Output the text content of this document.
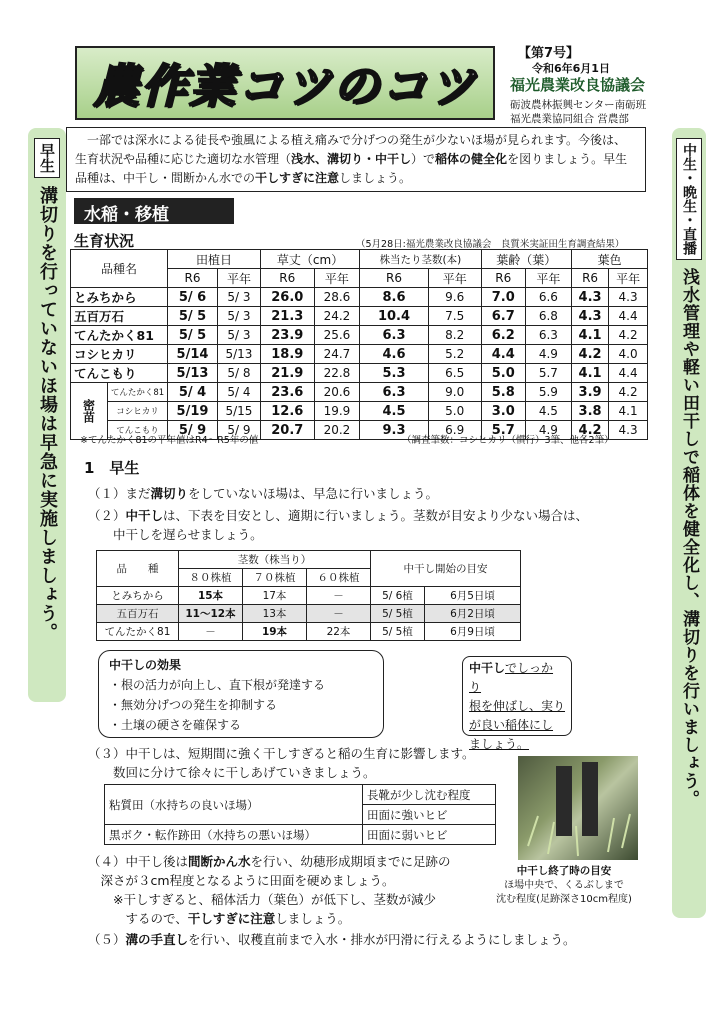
農作業コツのコツ
【第7号】
令和6年6月1日
福光農業改良協議会
砺波農林振興センター南砺班
福光農業協同組合 営農部
 一部では深水による徒長や強風による植え痛みで分げつの発生が少ないほ場が見られます。今後は、生育状況や品種に応じた適切な水管理（浅水、溝切り・中干し）で稲体の健全化を図りましょう。早生品種は、中干し・間断かん水での干しすぎに注意しましょう。
早生
溝切りを行っていないほ場は早急に実施しましょう。	中生・晩生・直播
浅水管理や軽い田干しで稲体を健全化し、溝切りを行いましょう。
水稲・移植
生育状況	（5月28日:福光農業改良協議会　良質米実証田生育調査結果）
品種名		田植日		草丈（cm）		株当たり茎数(本)		葉齢（葉）		葉色	
		R6	平年	R6	平年	R6	平年	R6	平年	R6	平年
とみちから		5/ 6	5/ 3	26.0	28.6	8.6	9.6	7.0	6.6	4.3	4.3
五百万石		5/ 5	5/ 3	21.3	24.2	10.4	7.5	6.7	6.8	4.3	4.4
てんたかく81		5/ 5	5/ 3	23.9	25.6	6.3	8.2	6.2	6.3	4.1	4.2
コシヒカリ		5/14	5/13	18.9	24.7	4.6	5.2	4.4	4.9	4.2	4.0
てんこもり		5/13	5/ 8	21.9	22.8	5.3	6.5	5.0	5.7	4.1	4.4
密苗	てんたかく81	5/ 4	5/ 4	23.6	20.6	6.3	9.0	5.8	5.9	3.9	4.2
	コシヒカリ	5/19	5/15	12.6	19.9	4.5	5.0	3.0	4.5	3.8	4.1
	てんこもり	5/ 9	5/ 9	20.7	20.2	9.3	6.9	5.7	4.9	4.2	4.3
※てんたかく81の平年値はR4〜R5年の値	（調査筆数：コシヒカリ（慣行）3筆、他各2筆）
1　早生
（１）まだ溝切りをしていないほ場は、早急に行いましょう。
（２）中干しは、下表を目安とし、適期に行いましょう。茎数が目安より少ない場合は、
  中干しを遅らせましょう。
品　　種	茎数（株当り）			中干し開始の目安	
	８０株植	７０株植	６０株植		
とみちから	15本	17本	－	5/ 6植	6月5日頃
五百万石	11〜12本	13本	－	5/ 5植	6月2日頃
てんたかく81	－	19本	22本	5/ 5植	6月9日頃
中干しの効果
・根の活力が向上し、直下根が発達する
・無効分げつの発生を抑制する
・土壌の硬さを確保する
中干しでしっかり
根を伸ばし、実り
が良い稲体にし
ましょう。
（３）中干しは、短期間に強く干しすぎると稲の生育に影響します。
  数回に分けて徐々に干しあげていきましょう。
粘質田（水持ちの良いほ場）	長靴が少し沈む程度
	田面に強いヒビ
黒ボク・転作跡田（水持ちの悪いほ場）	田面に弱いヒビ
（４）中干し後は間断かん水を行い、幼穂形成期頃までに足跡の
 深さが３cm程度となるように田面を硬めましょう。
  ※干しすぎると、稲体活力（葉色）が低下し、茎数が減少
   するので、干しすぎに注意しましょう。
（５）溝の手直しを行い、収穫直前まで入水・排水が円滑に行えるようにしましょう。
中干し終了時の目安
ほ場中央で、くるぶしまで
沈む程度(足跡深さ10cm程度)
